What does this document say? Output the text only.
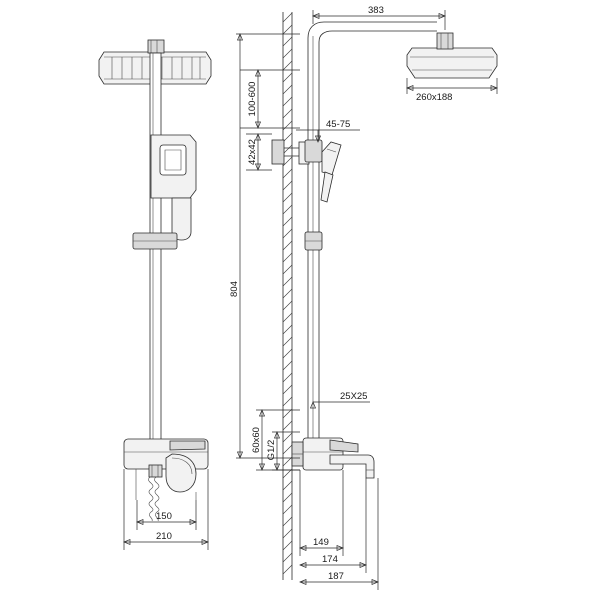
150
210
383
260x188
100-600
42x42
45-75
804
25X25
60x60 G1/2
149
174
187
